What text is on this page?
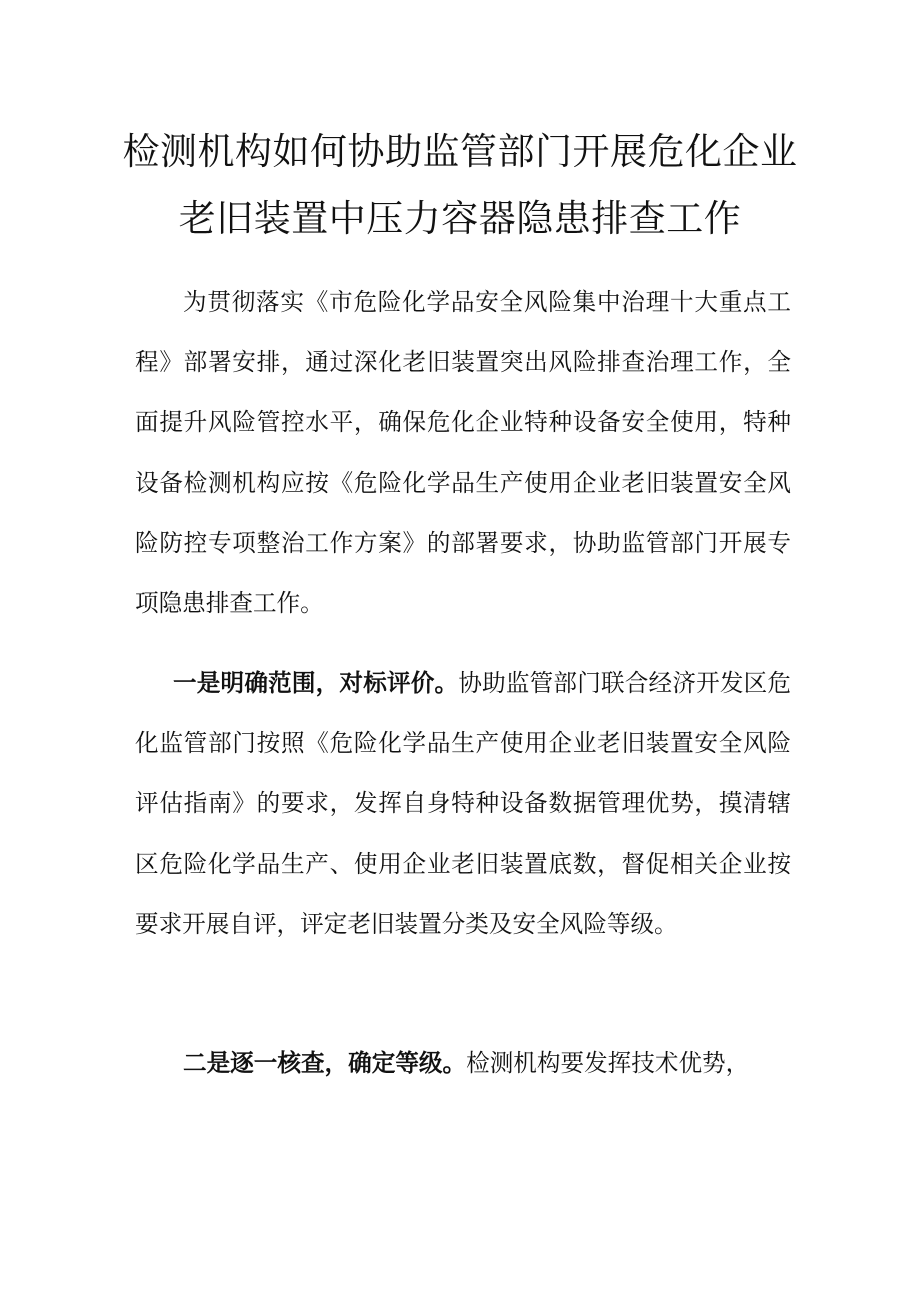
检测机构如何协助监管部门开展危化企业
老旧装置中压力容器隐患排查工作

为贯彻落实《市危险化学品安全风险集中治理十大重点工程》部署安排，通过深化老旧装置突出风险排查治理工作，全面提升风险管控水平，确保危化企业特种设备安全使用，特种设备检测机构应按《危险化学品生产使用企业老旧装置安全风险防控专项整治工作方案》的部署要求，协助监管部门开展专项隐患排查工作。

一是明确范围，对标评价。协助监管部门联合经济开发区危化监管部门按照《危险化学品生产使用企业老旧装置安全风险评估指南》的要求，发挥自身特种设备数据管理优势，摸清辖区危险化学品生产、使用企业老旧装置底数，督促相关企业按要求开展自评，评定老旧装置分类及安全风险等级。

二是逐一核查，确定等级。检测机构要发挥技术优势，
